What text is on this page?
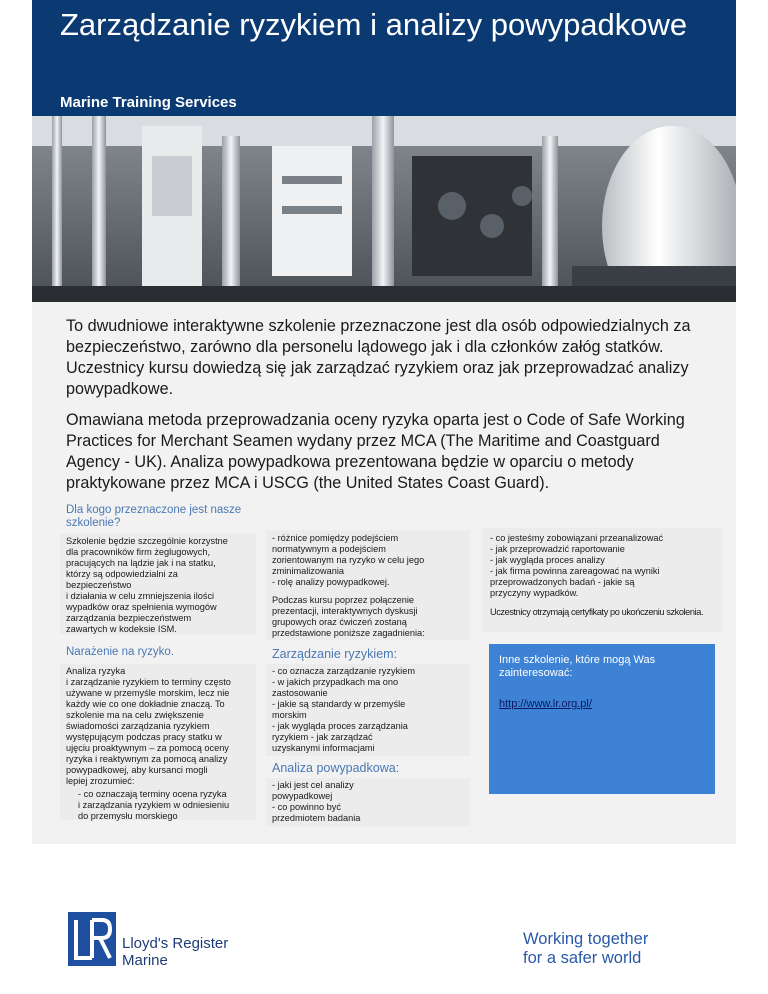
Zarządzanie ryzykiem i analizy powypadkowe
Marine Training Services
To dwudniowe interaktywne szkolenie przeznaczone jest dla osób odpowiedzialnych za bezpieczeństwo, zarówno dla personelu lądowego jak i dla członków załóg statków. Uczestnicy kursu dowiedzą się jak zarządzać ryzykiem oraz jak przeprowadzać analizy powypadkowe.
Omawiana metoda przeprowadzania oceny ryzyka oparta jest o Code of Safe Working Practices for Merchant Seamen wydany przez MCA (The Maritime and Coastguard Agency - UK). Analiza powypadkowa prezentowana będzie w oparciu o metody praktykowane przez MCA i USCG (the United States Coast Guard).
Dla kogo przeznaczone jest nasze szkolenie?
Szkolenie będzie szczególnie korzystne
dla pracowników firm żeglugowych,
pracujących na lądzie jak i na statku,
którzy są odpowiedzialni za
bezpieczeństwo
i działania w celu zmniejszenia ilości
wypadków oraz spełnienia wymogów
zarządzania bezpieczeństwem
zawartych w kodeksie ISM.
Narażenie na ryzyko.
Analiza ryzyka
i zarządzanie ryzykiem to terminy często
używane w przemyśle morskim, lecz nie
każdy wie co one dokładnie znaczą. To
szkolenie ma na celu zwiększenie
świadomości zarządzania ryzykiem
występującym podczas pracy statku w
ujęciu proaktywnym – za pomocą oceny
ryzyka i reaktywnym za pomocą analizy
powypadkowej, aby kursanci mogli
lepiej zrozumieć:
- co oznaczają terminy ocena ryzyka
i zarządzania ryzykiem w odniesieniu
do przemysłu morskiego
- różnice pomiędzy podejściem
normatywnym a podejściem
zorientowanym na ryzyko w celu jego
zminimalizowania
- rolę analizy powypadkowej.
Podczas kursu poprzez połączenie
prezentacji, interaktywnych dyskusji
grupowych oraz ćwiczeń zostaną
przedstawione poniższe zagadnienia:
Zarządzanie ryzykiem:
- co oznacza zarządzanie ryzykiem
- w jakich przypadkach ma ono
zastosowanie
- jakie są standardy w przemyśle
morskim
- jak wygląda proces zarządzania
ryzykiem - jak zarządzać
uzyskanymi informacjami
Analiza powypadkowa:
- jaki jest cel analizy
powypadkowej
- co powinno być
przedmiotem badania
- co jesteśmy zobowiązani przeanalizować
- jak przeprowadzić raportowanie
- jak wygląda proces analizy
- jak firma powinna zareagować na wyniki
przeprowadzonych badań - jakie są
przyczyny wypadków.
Uczestnicy otrzymają certyfikaty po ukończeniu szkolenia.
Inne szkolenie, które mogą Was zainteresować:
http://www.lr.org.pl/
Lloyd's Register
Marine
Working together
for a safer world
